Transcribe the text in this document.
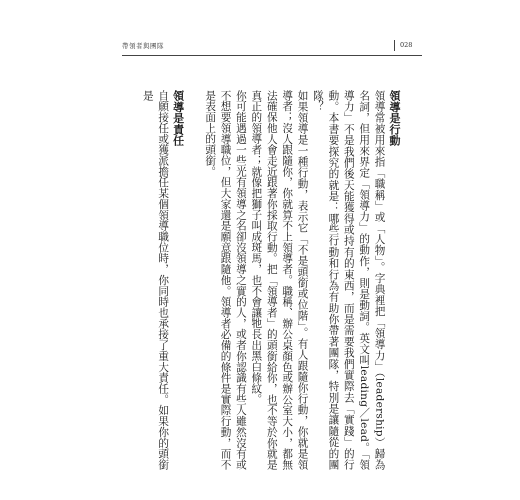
帶領者與團隊	028

領導是行動

領導常被用來指「職稱」或「人物」。字典裡把「領導力」（leadership）歸為名詞，但用來界定「領導力」的動作，則是動詞。英文叫leading／lead。「領導力」不是我們後天能獲得或持有的東西，而是需要我們實際去「實踐」的行動。本書要探究的就是：哪些行動和行為有助你帶著團隊，特別是讓隨從的團隊？

如果領導是一種行動，表示它「不是頭銜或位階」。有人跟隨你行動，你就是領導者；沒人跟隨你，你就算不上領導者。職稱、辦公桌顏色或辦公室大小，都無法確保他人會走近跟著你採取行動。把「領導者」的頭銜給你，也不等於你就是真正的領導者；就像把獅子叫成斑馬，也不會讓牠長出黑白條紋。

你可能遇過一些光有領導之名卻沒領導之實的人，或者你認識有些人雖然沒有或不想要領導職位，但大家還是願意跟隨他。領導者必備的條件是實際行動，而不是表面上的頭銜。

領導是責任

自願接任或獲派擔任某個領導職位時，你同時也承接了重大責任。如果你的頭銜是
